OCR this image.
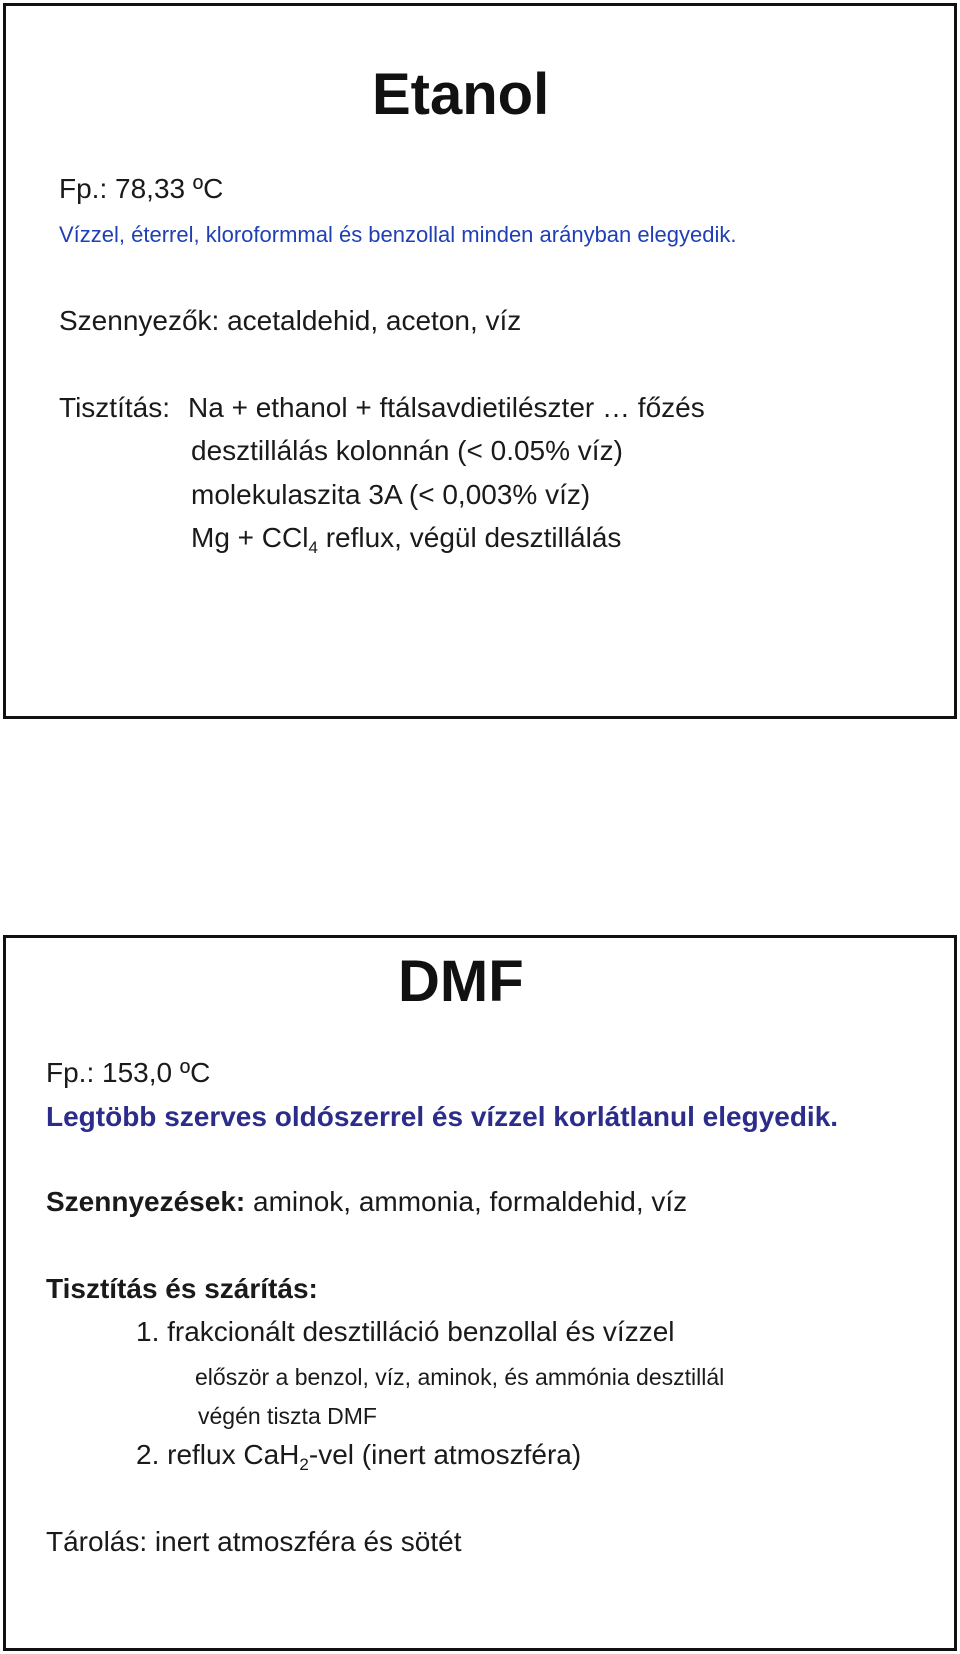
Etanol
Fp.: 78,33 ºC
Vízzel, éterrel, kloroformmal és benzollal minden arányban elegyedik.
Szennyezők: acetaldehid, aceton, víz
Tisztítás: Na + ethanol + ftálsavdietilészter … főzés
desztillálás kolonnán (< 0.05% víz)
molekulaszita 3A (< 0,003% víz)
Mg + CCl$_4$ reflux, végül desztillálás
DMF
Fp.: 153,0 ºC
Legtöbb szerves oldószerrel és vízzel korlátlanul elegyedik.
Szennyezések: aminok, ammonia, formaldehid, víz
Tisztítás és szárítás:
1. frakcionált desztilláció benzollal és vízzel
először a benzol, víz, aminok, és ammónia desztillál
végén tiszta DMF
2. reflux CaH$_2$-vel (inert atmoszféra)
Tárolás: inert atmoszféra és sötét
